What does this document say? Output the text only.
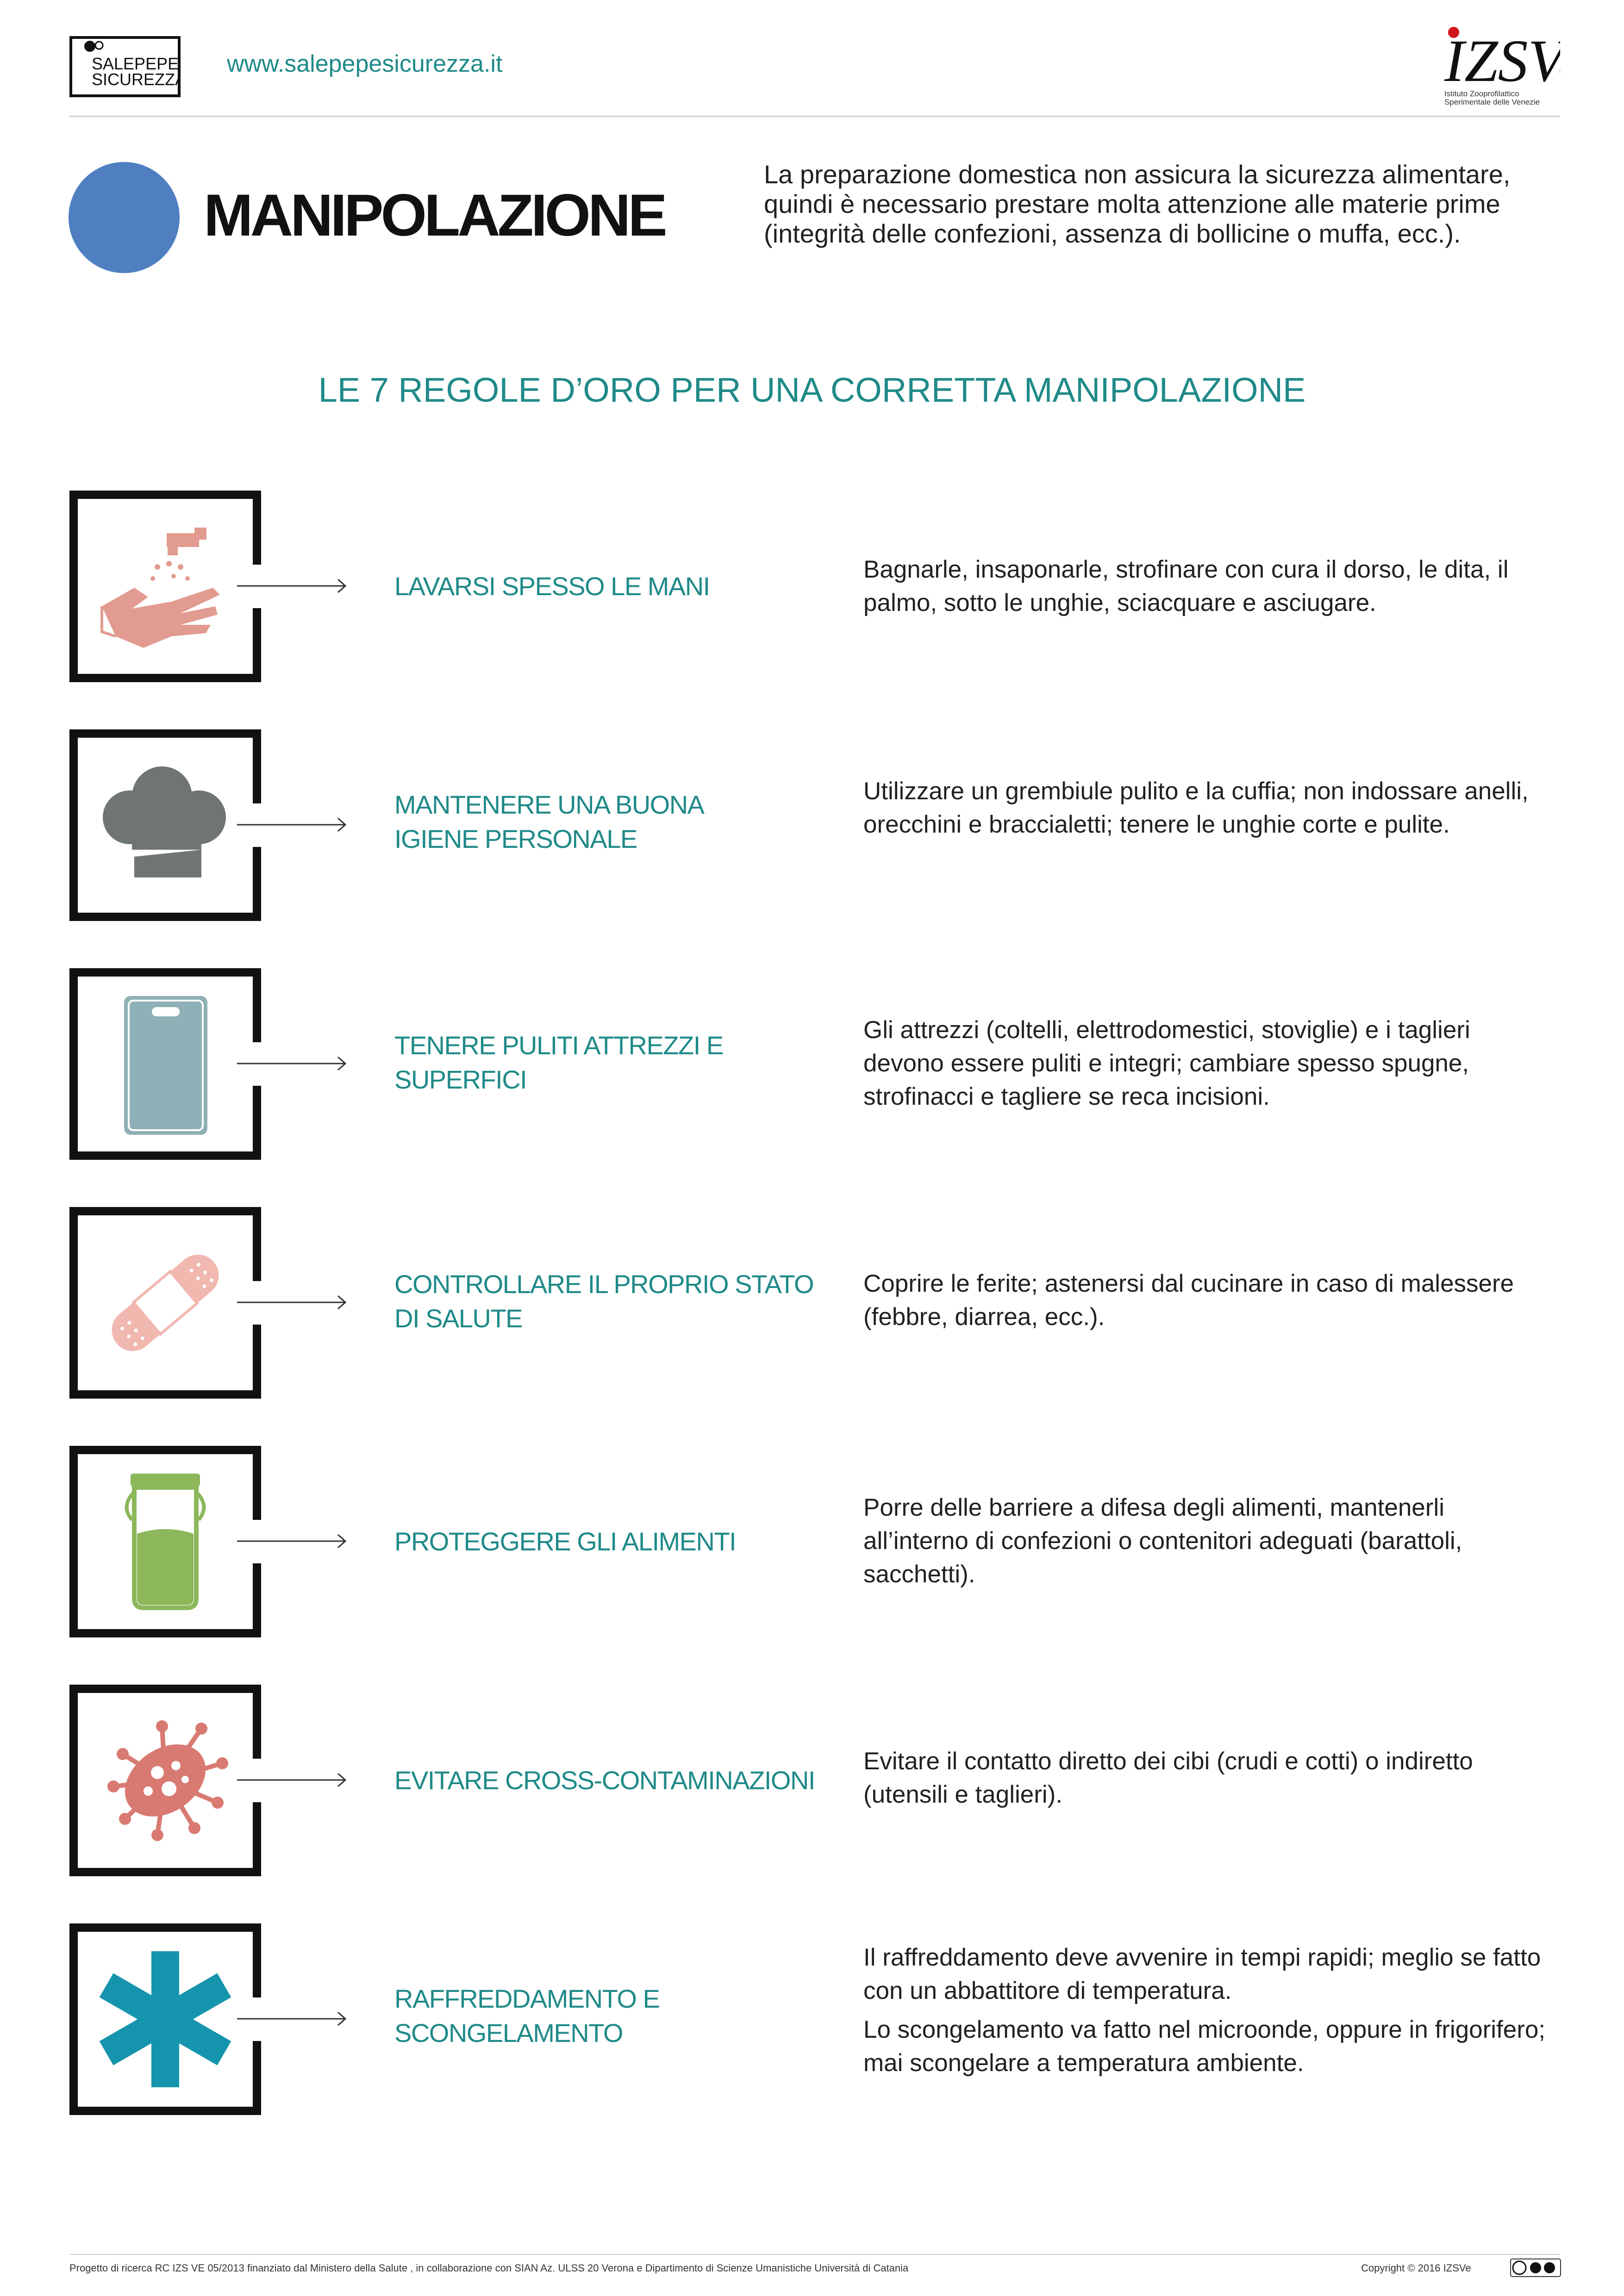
SALEPEPE
SICUREZZA
www.salepepesicurezza.it	IZSV
Istituto Zooprofilattico
Sperimentale delle Venezie
MANIPOLAZIONE
La preparazione domestica non assicura la sicurezza alimentare, quindi è necessario prestare molta attenzione alle materie prime (integrità delle confezioni, assenza di bollicine o muffa, ecc.).
LE 7 REGOLE D’ORO PER UNA CORRETTA MANIPOLAZIONE
LAVARSI SPESSO LE MANI
Bagnarle, insaponarle, strofinare con cura il dorso, le dita, il palmo, sotto le unghie, sciacquare e asciugare.
MANTENERE UNA BUONA IGIENE PERSONALE
Utilizzare un grembiule pulito e la cuffia; non indossare anelli, orecchini e braccialetti; tenere le unghie corte e pulite.
TENERE PULITI ATTREZZI E SUPERFICI
Gli attrezzi (coltelli, elettrodomestici, stoviglie) e i taglieri devono essere puliti e integri; cambiare spesso spugne, strofinacci e tagliere se reca incisioni.
CONTROLLARE IL PROPRIO STATO DI SALUTE
Coprire le ferite; astenersi dal cucinare in caso di malessere (febbre, diarrea, ecc.).
PROTEGGERE GLI ALIMENTI
Porre delle barriere a difesa degli alimenti, mantenerli all’interno di confezioni o contenitori adeguati (barattoli, sacchetti).
EVITARE CROSS-CONTAMINAZIONI
Evitare il contatto diretto dei cibi (crudi e cotti) o indiretto (utensili e taglieri).
RAFFREDDAMENTO E SCONGELAMENTO

Il raffreddamento deve avvenire in tempi rapidi; meglio se fatto con un abbattitore di temperatura.

Lo scongelamento va fatto nel microonde, oppure in frigorifero; mai scongelare a temperatura ambiente.

Progetto di ricerca RC IZS VE 05/2013 finanziato dal Ministero della Salute , in collaborazione con SIAN Az. ULSS 20 Verona e Dipartimento di Scienze Umanistiche Università di Catania	Copyright © 2016 IZSVe
